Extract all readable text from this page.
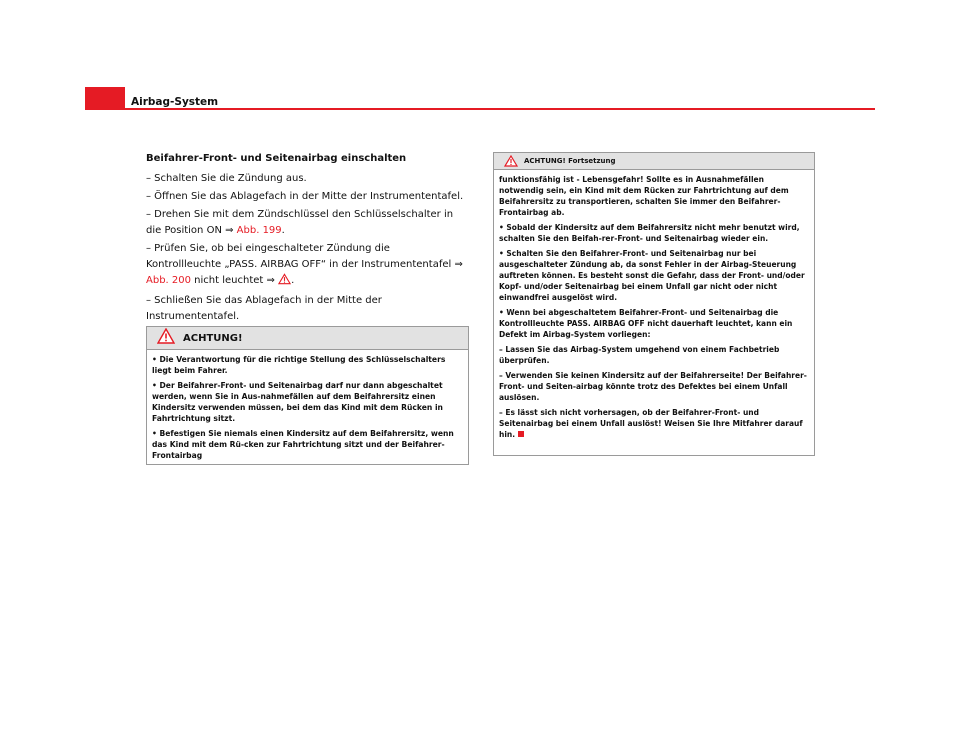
Airbag-System
Beifahrer-Front- und Seitenairbag einschalten
– Schalten Sie die Zündung aus.
– Öffnen Sie das Ablagefach in der Mitte der Instrumententafel.
– Drehen Sie mit dem Zündschlüssel den Schlüsselschalter in die Position ON ⇒ Abb. 199.
– Prüfen Sie, ob bei eingeschalteter Zündung die Kontrollleuchte „PASS. AIRBAG OFF“ in der Instrumententafel ⇒ Abb. 200 nicht leuchtet ⇒ .
– Schließen Sie das Ablagefach in der Mitte der Instrumententafel.
ACHTUNG!
• Die Verantwortung für die richtige Stellung des Schlüsselschalters liegt beim Fahrer.
• Der Beifahrer-Front- und Seitenairbag darf nur dann abgeschaltet werden, wenn Sie in Aus-nahmefällen auf dem Beifahrersitz einen Kindersitz verwenden müssen, bei dem das Kind mit dem Rücken in Fahrtrichtung sitzt.
• Befestigen Sie niemals einen Kindersitz auf dem Beifahrersitz, wenn das Kind mit dem Rü-cken zur Fahrtrichtung sitzt und der Beifahrer-Frontairbag
ACHTUNG! Fortsetzung
funktionsfähig ist - Lebensgefahr! Sollte es in Ausnahmefällen notwendig sein, ein Kind mit dem Rücken zur Fahrtrichtung auf dem Beifahrersitz zu transportieren, schalten Sie immer den Beifahrer-Frontairbag ab.
• Sobald der Kindersitz auf dem Beifahrersitz nicht mehr benutzt wird, schalten Sie den Beifah-rer-Front- und Seitenairbag wieder ein.
• Schalten Sie den Beifahrer-Front- und Seitenairbag nur bei ausgeschalteter Zündung ab, da sonst Fehler in der Airbag-Steuerung auftreten können. Es besteht sonst die Gefahr, dass der Front- und/oder Kopf- und/oder Seitenairbag bei einem Unfall gar nicht oder nicht einwandfrei ausgelöst wird.
• Wenn bei abgeschaltetem Beifahrer-Front- und Seitenairbag die Kontrollleuchte PASS. AIRBAG OFF nicht dauerhaft leuchtet, kann ein Defekt im Airbag-System vorliegen:
– Lassen Sie das Airbag-System umgehend von einem Fachbetrieb überprüfen.
– Verwenden Sie keinen Kindersitz auf der Beifahrerseite! Der Beifahrer-Front- und Seiten-airbag könnte trotz des Defektes bei einem Unfall auslösen.
– Es lässt sich nicht vorhersagen, ob der Beifahrer-Front- und Seitenairbag bei einem Unfall auslöst! Weisen Sie Ihre Mitfahrer darauf hin.
